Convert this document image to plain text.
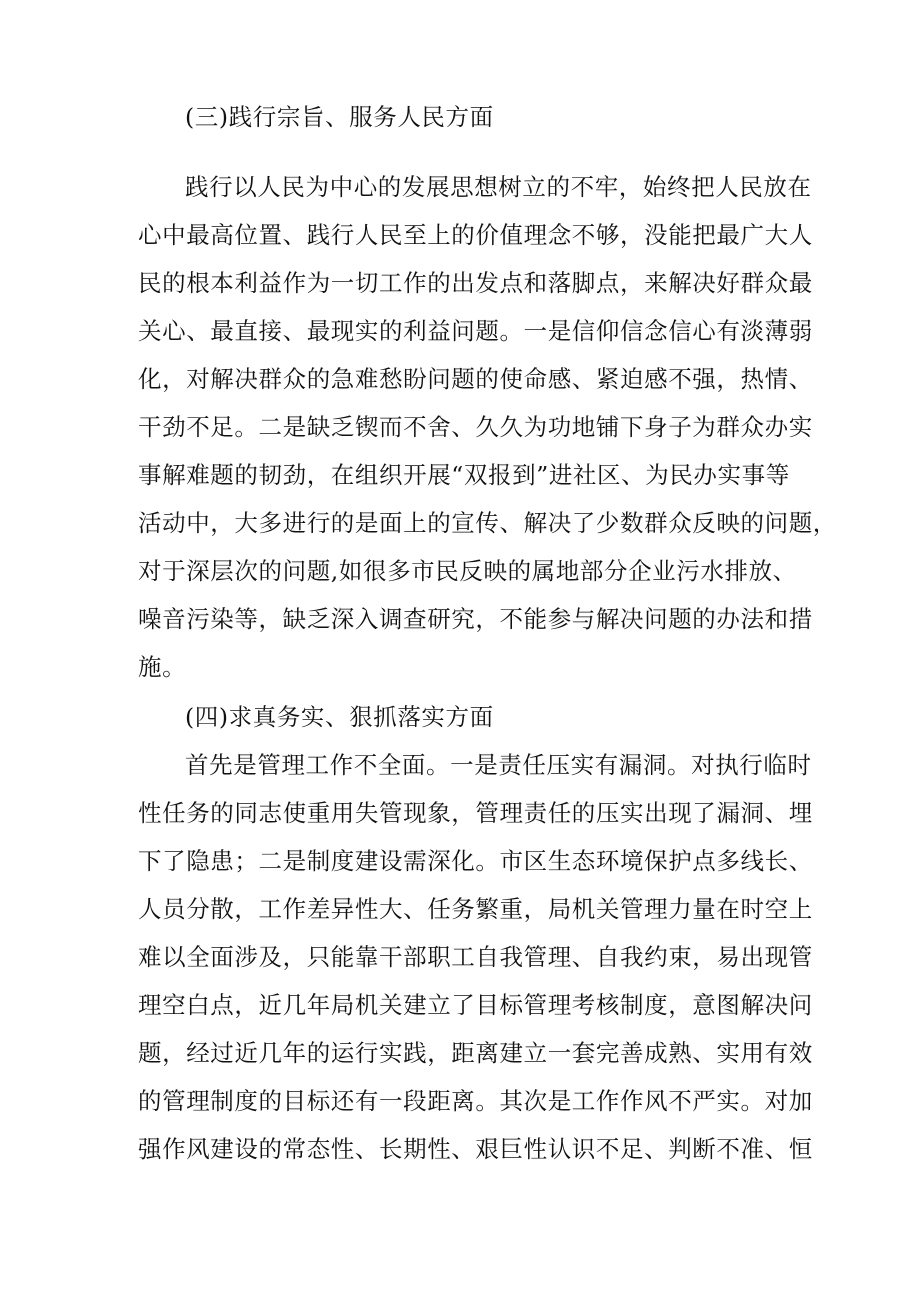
(三)践行宗旨、服务人民方面
践行以人民为中心的发展思想树立的不牢，始终把人民放在
心中最高位置、践行人民至上的价值理念不够，没能把最广大人
民的根本利益作为一切工作的出发点和落脚点，来解决好群众最
关心、最直接、最现实的利益问题。一是信仰信念信心有淡薄弱
化，对解决群众的急难愁盼问题的使命感、紧迫感不强，热情、
干劲不足。二是缺乏锲而不舍、久久为功地铺下身子为群众办实
事解难题的韧劲，在组织开展“双报到”进社区、为民办实事等
活动中，大多进行的是面上的宣传、解决了少数群众反映的问题，
对于深层次的问题,如很多市民反映的属地部分企业污水排放、
噪音污染等，缺乏深入调查研究，不能参与解决问题的办法和措
施。
(四)求真务实、狠抓落实方面
首先是管理工作不全面。一是责任压实有漏洞。对执行临时
性任务的同志使重用失管现象，管理责任的压实出现了漏洞、埋
下了隐患；二是制度建设需深化。市区生态环境保护点多线长、
人员分散，工作差异性大、任务繁重，局机关管理力量在时空上
难以全面涉及，只能靠干部职工自我管理、自我约束，易出现管
理空白点，近几年局机关建立了目标管理考核制度，意图解决问
题，经过近几年的运行实践，距离建立一套完善成熟、实用有效
的管理制度的目标还有一段距离。其次是工作作风不严实。对加
强作风建设的常态性、长期性、艰巨性认识不足、判断不准、恒
